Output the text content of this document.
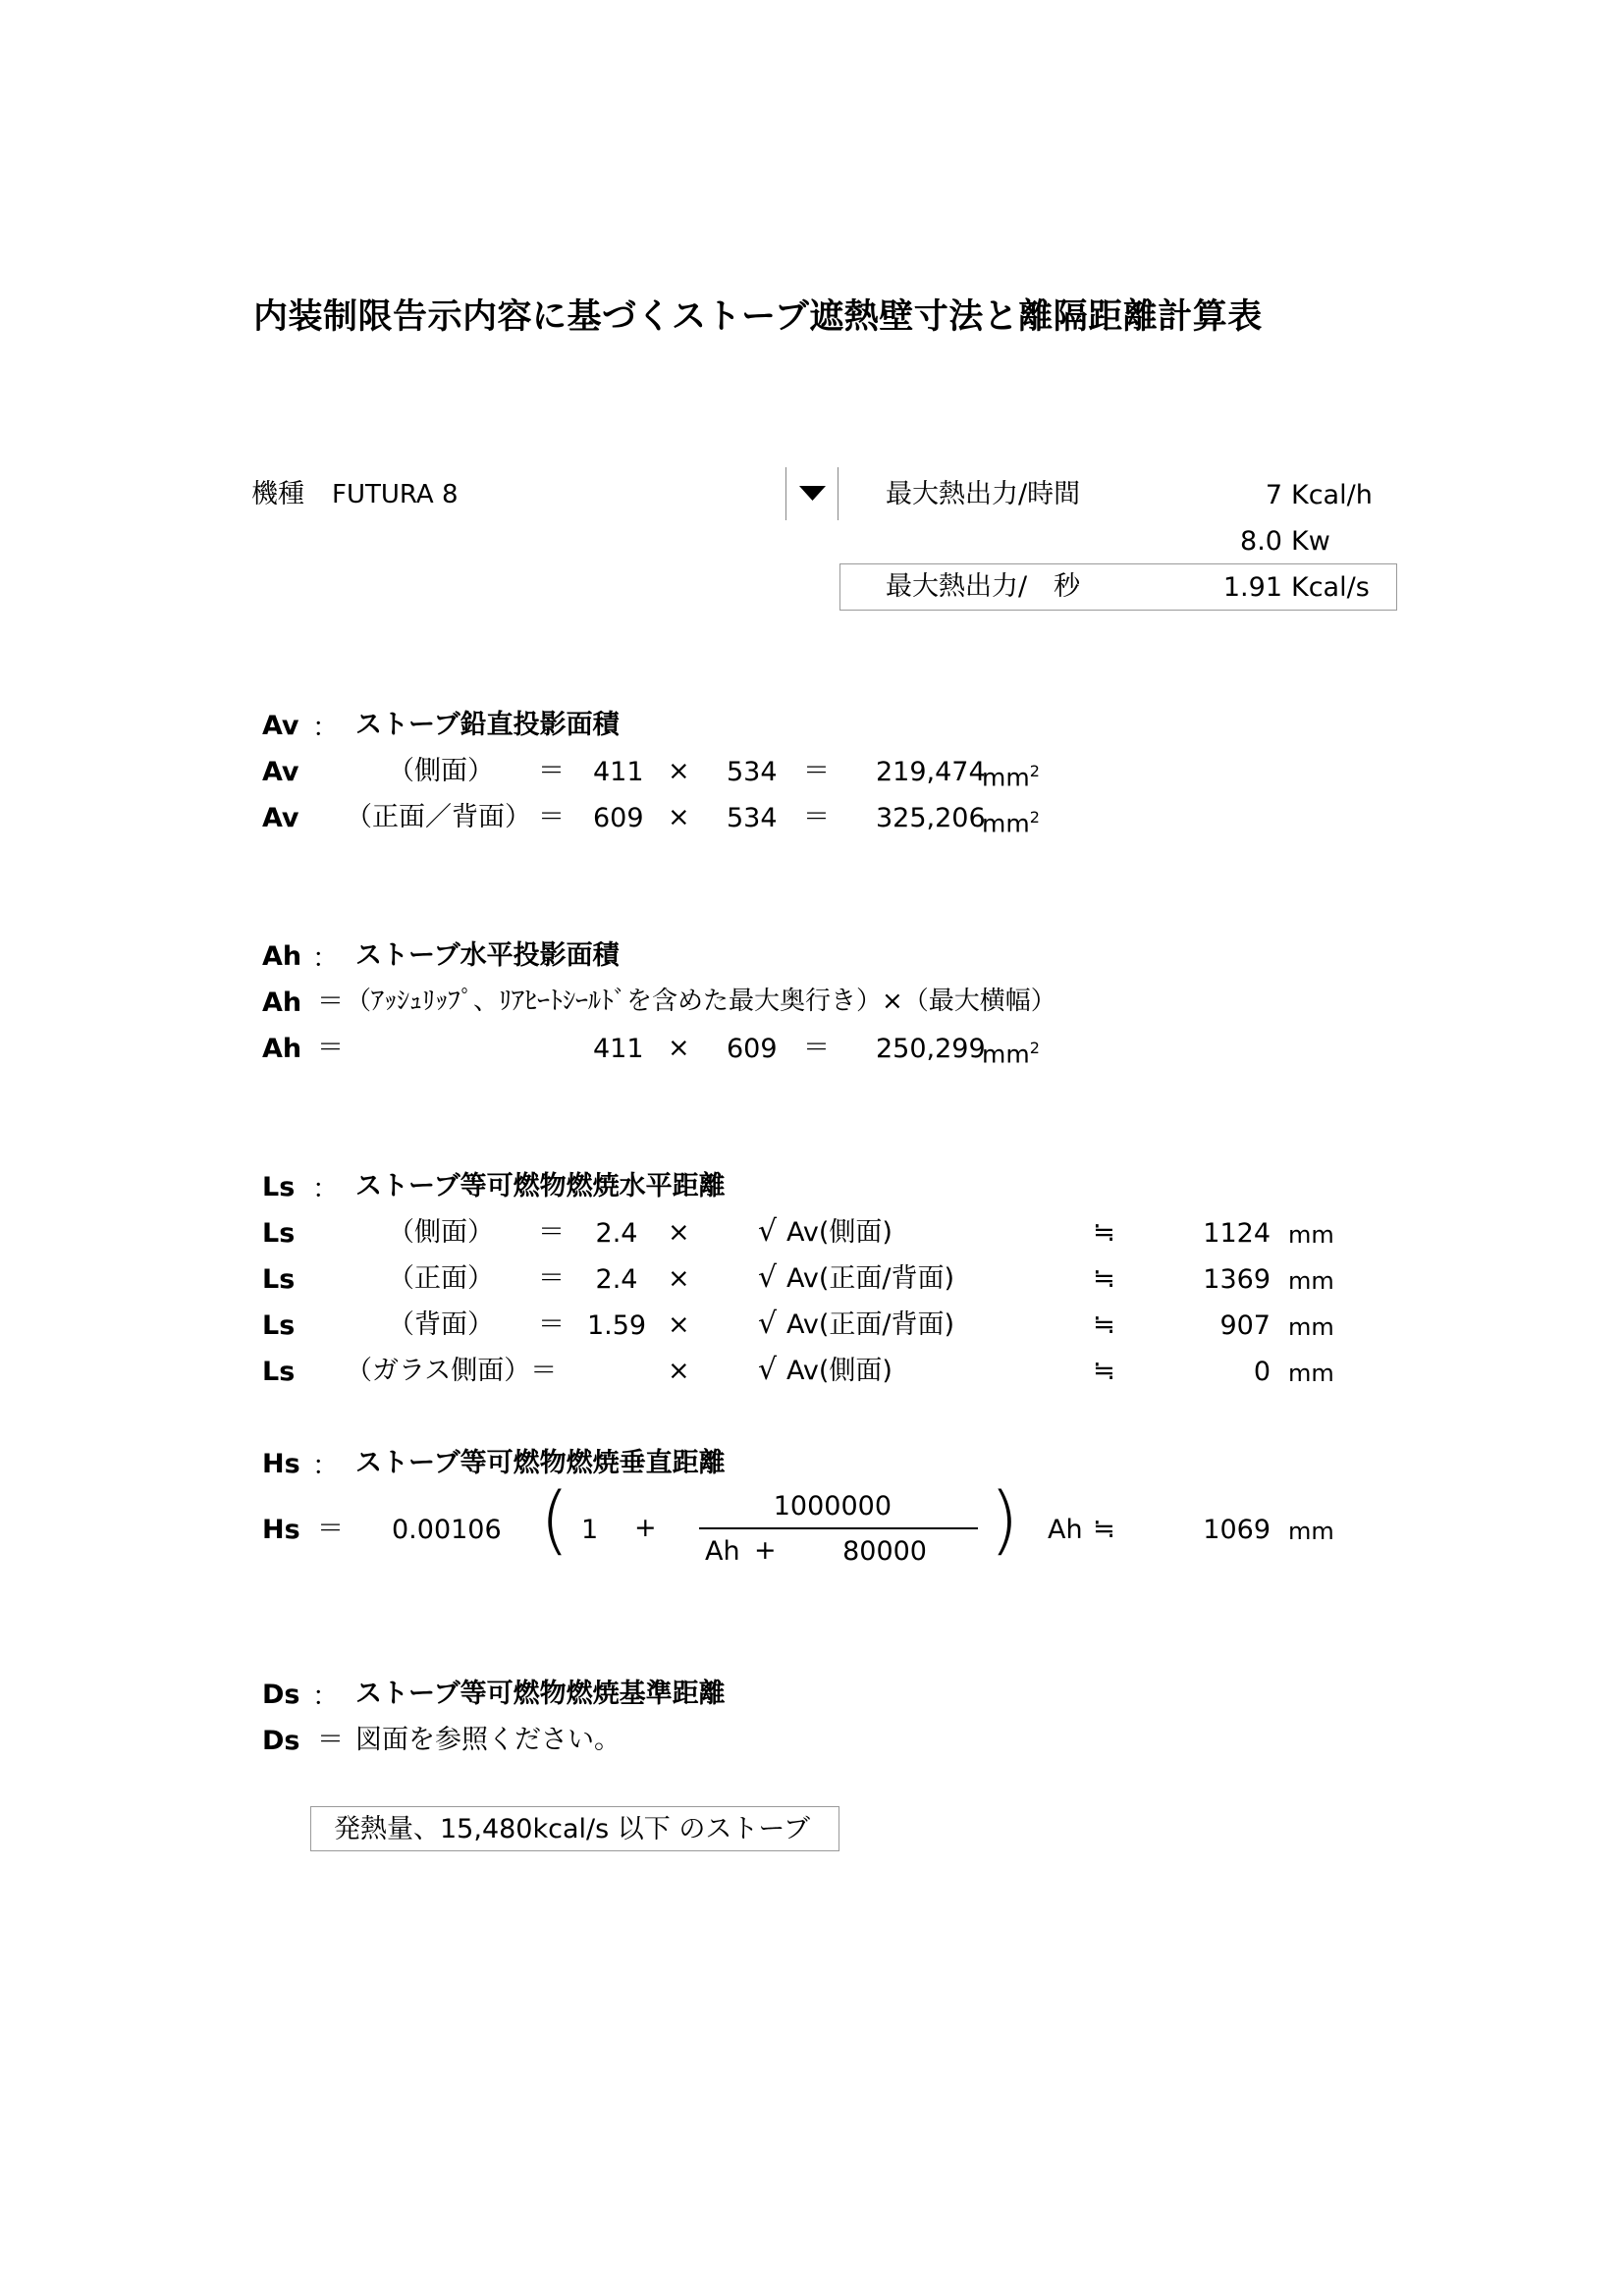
内装制限告示内容に基づくストーブ遮熱壁寸法と離隔距離計算表
機種 FUTURA 8	最大熱出力/時間	7 Kcal/h
8.0 Kw
最大熱出力/　秒	1.91 Kcal/s
Av ： ストーブ鉛直投影面積
Av	（側面） ＝ 411 × 534 ＝ 219,474
$mm^2$
Av （正面／背面） ＝ 609 × 534 ＝ 325,206
$mm^2$
Ah ： ストーブ水平投影面積
Ah ＝ （ｱｯｼｭﾘｯﾌﾟ、ﾘｱﾋｰﾄｼｰﾙﾄﾞを含めた最大奥行き）×（最大横幅）
Ah ＝	411 × 609 ＝ 250,299
$mm^2$
Ls ： ストーブ等可燃物燃焼水平距離
Ls	（側面） ＝	2.4	× √ Av(側面)	≒	1124 mm
Ls	（正面） ＝	2.4	× √ Av(正面/背面)	≒	1369 mm
Ls	（背面） ＝ 1.59 × √ Av(正面/背面)	≒	907 mm
Ls （ガラス側面）＝	× √ Av(側面)	≒	0 mm
Hs ： ストーブ等可燃物燃焼垂直距離
Hs ＝ 0.00106 ( 1 +
1000000
Ah +	80000 ) Ah ≒	1069 mm
Ds ： ストーブ等可燃物燃焼基準距離
Ds ＝ 図面を参照ください。
発熱量、15,480kcal/s 以下 のストーブ
